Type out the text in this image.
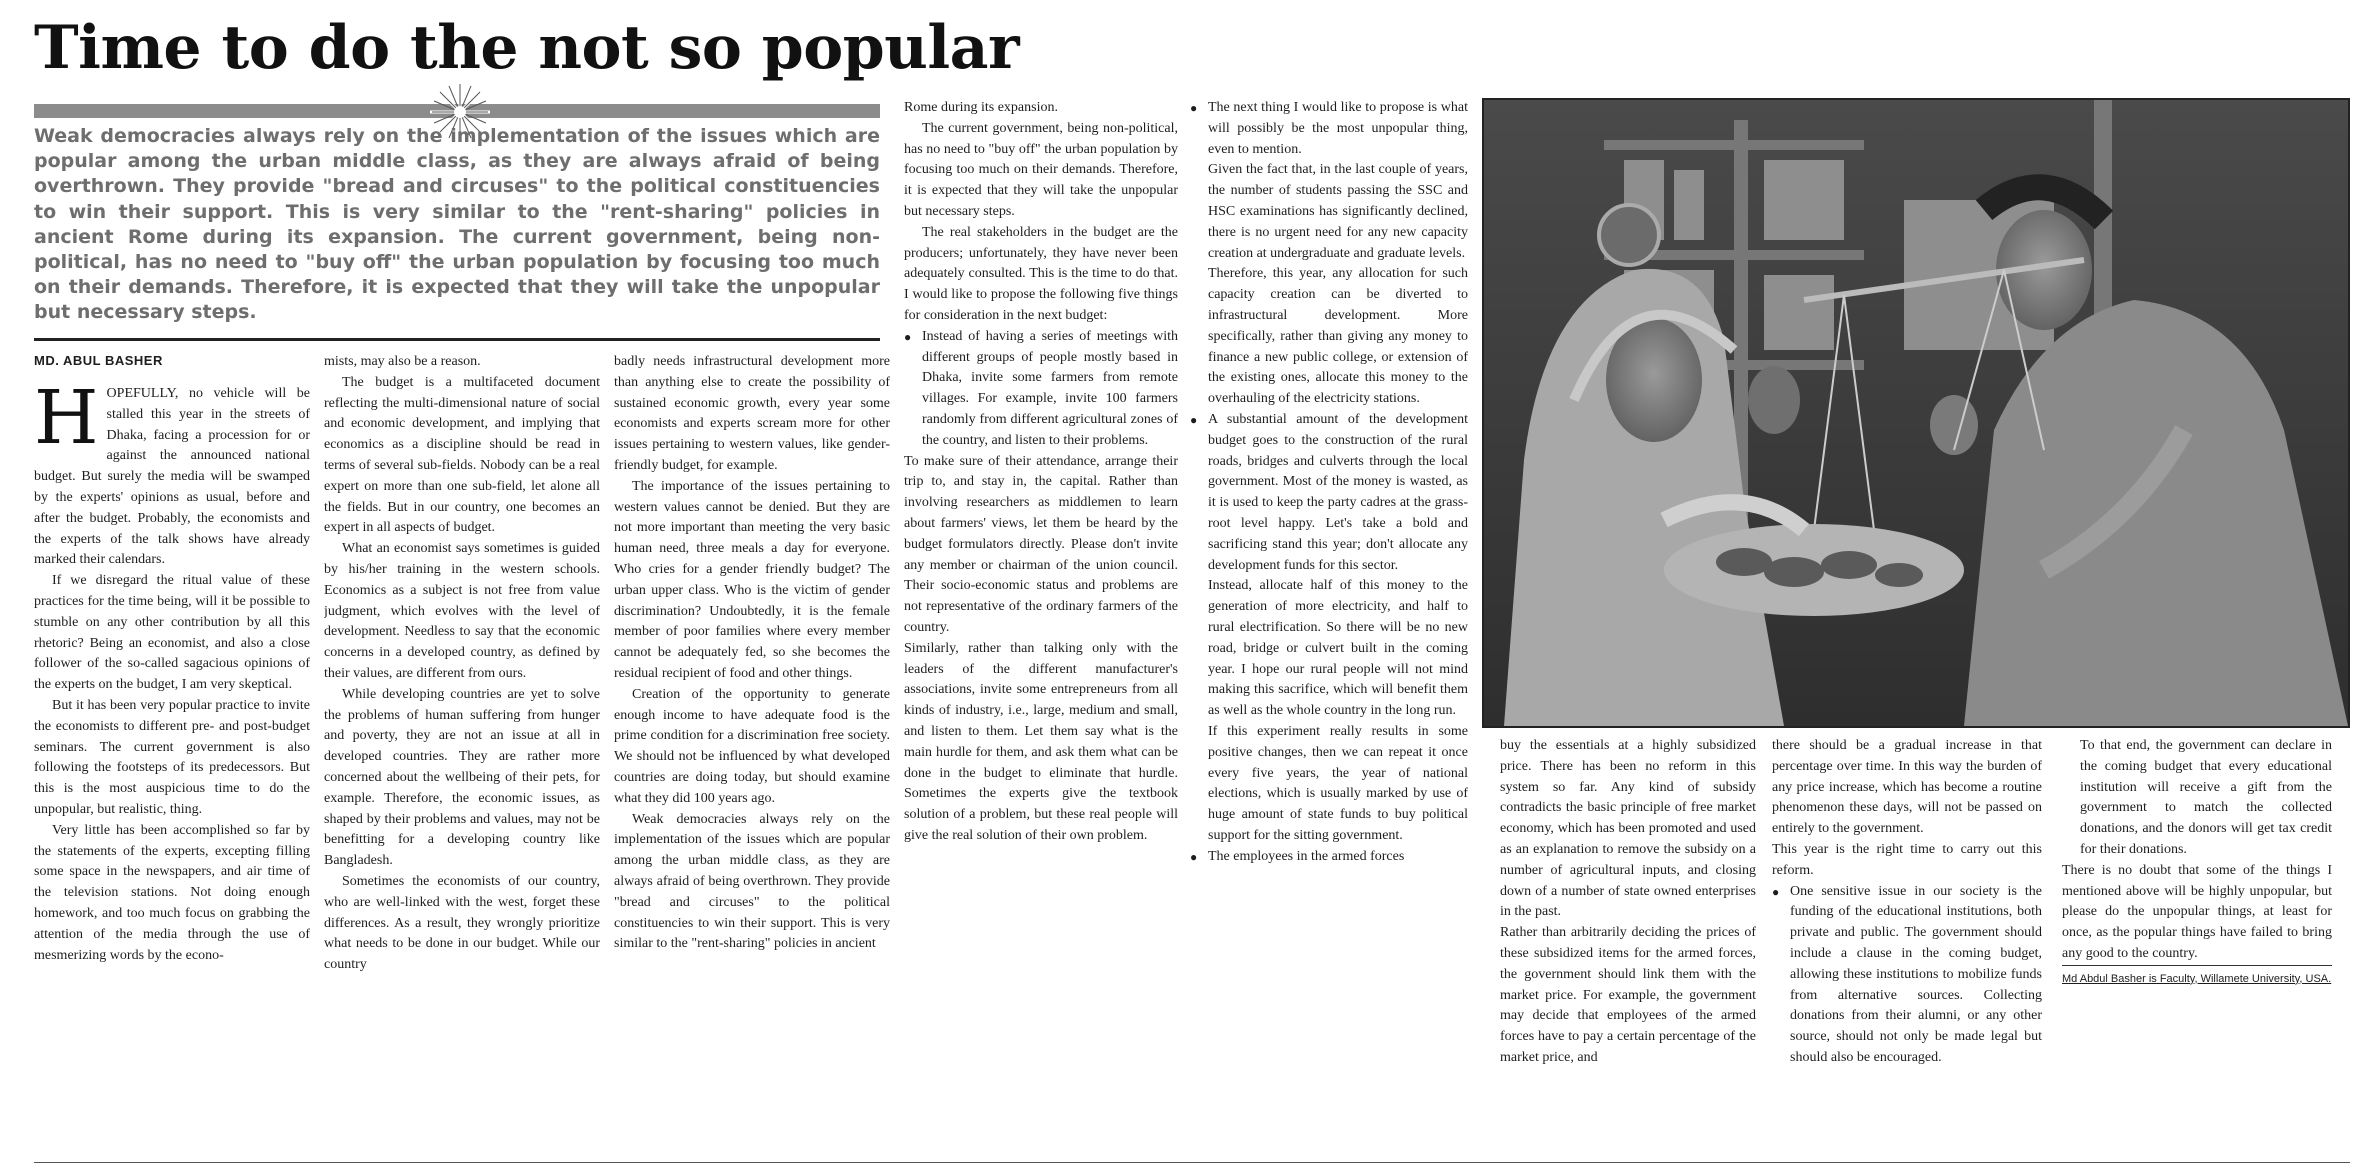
Time to do the not so popular
Weak democracies always rely on the implementation of the issues which are popular among the urban middle class, as they are always afraid of being overthrown. They provide "bread and circuses" to the political constituencies to win their support. This is very similar to the "rent-sharing" policies in ancient Rome during its expansion. The current government, being non-political, has no need to "buy off" the urban population by focusing too much on their demands. Therefore, it is expected that they will take the unpopular but necessary steps.
MD. ABUL BASHER

HOPEFULLY, no vehicle will be stalled this year in the streets of Dhaka, facing a procession for or against the announced national budget. But surely the media will be swamped by the experts' opinions as usual, before and after the budget. Probably, the economists and the experts of the talk shows have already marked their calendars.

If we disregard the ritual value of these practices for the time being, will it be possible to stumble on any other contribution by all this rhetoric? Being an economist, and also a close follower of the so-called sagacious opinions of the experts on the budget, I am very skeptical.

But it has been very popular practice to invite the economists to different pre- and post-budget seminars. The current government is also following the footsteps of its predecessors. But this is the most auspicious time to do the unpopular, but realistic, thing.

Very little has been accomplished so far by the statements of the experts, excepting filling some space in the newspapers, and air time of the television stations. Not doing enough homework, and too much focus on grabbing the attention of the media through the use of mesmerizing words by the econo-

mists, may also be a reason.

The budget is a multifaceted document reflecting the multi-dimensional nature of social and economic development, and implying that economics as a discipline should be read in terms of several sub-fields. Nobody can be a real expert on more than one sub-field, let alone all the fields. But in our country, one becomes an expert in all aspects of budget.

What an economist says sometimes is guided by his/her training in the western schools. Economics as a subject is not free from value judgment, which evolves with the level of development. Needless to say that the economic concerns in a developed country, as defined by their values, are different from ours.

While developing countries are yet to solve the problems of human suffering from hunger and poverty, they are not an issue at all in developed countries. They are rather more concerned about the wellbeing of their pets, for example. Therefore, the economic issues, as shaped by their problems and values, may not be benefitting for a developing country like Bangladesh.

Sometimes the economists of our country, who are well-linked with the west, forget these differences. As a result, they wrongly prioritize what needs to be done in our budget. While our country

badly needs infrastructural development more than anything else to create the possibility of sustained economic growth, every year some economists and experts scream more for other issues pertaining to western values, like gender-friendly budget, for example.

The importance of the issues pertaining to western values cannot be denied. But they are not more important than meeting the very basic human need, three meals a day for everyone. Who cries for a gender friendly budget? The urban upper class. Who is the victim of gender discrimination? Undoubtedly, it is the female member of poor families where every member cannot be adequately fed, so she becomes the residual recipient of food and other things.

Creation of the opportunity to generate enough income to have adequate food is the prime condition for a discrimination free society. We should not be influenced by what developed countries are doing today, but should examine what they did 100 years ago.

Weak democracies always rely on the implementation of the issues which are popular among the urban middle class, as they are always afraid of being overthrown. They provide "bread and circuses" to the political constituencies to win their support. This is very similar to the "rent-sharing" policies in ancient

Rome during its expansion.

The current government, being non-political, has no need to "buy off" the urban population by focusing too much on their demands. Therefore, it is expected that they will take the unpopular but necessary steps.

The real stakeholders in the budget are the producers; unfortunately, they have never been adequately consulted. This is the time to do that. I would like to propose the following five things for consideration in the next budget:

● Instead of having a series of meetings with different groups of people mostly based in Dhaka, invite some farmers from remote villages. For example, invite 100 farmers randomly from different agricultural zones of the country, and listen to their problems.

To make sure of their attendance, arrange their trip to, and stay in, the capital. Rather than involving researchers as middlemen to learn about farmers' views, let them be heard by the budget formulators directly. Please don't invite any member or chairman of the union council. Their socio-economic status and problems are not representative of the ordinary farmers of the country.

Similarly, rather than talking only with the leaders of the different manufacturer's associations, invite some entrepreneurs from all kinds of industry, i.e., large, medium and small, and listen to them. Let them say what is the main hurdle for them, and ask them what can be done in the budget to eliminate that hurdle. Sometimes the experts give the textbook solution of a problem, but these real people will give the real solution of their own problem.

● The next thing I would like to propose is what will possibly be the most unpopular thing, even to mention.

Given the fact that, in the last couple of years, the number of students passing the SSC and HSC examinations has significantly declined, there is no urgent need for any new capacity creation at undergraduate and graduate levels.

Therefore, this year, any allocation for such capacity creation can be diverted to infrastructural development. More specifically, rather than giving any money to finance a new public college, or extension of the existing ones, allocate this money to the overhauling of the electricity stations.

● A substantial amount of the development budget goes to the construction of the rural roads, bridges and culverts through the local government. Most of the money is wasted, as it is used to keep the party cadres at the grass-root level happy. Let's take a bold and sacrificing stand this year; don't allocate any development funds for this sector.

Instead, allocate half of this money to the generation of more electricity, and half to rural electrification. So there will be no new road, bridge or culvert built in the coming year. I hope our rural people will not mind making this sacrifice, which will benefit them as well as the whole country in the long run.

If this experiment really results in some positive changes, then we can repeat it once every five years, the year of national elections, which is usually marked by use of huge amount of state funds to buy political support for the sitting government.

● The employees in the armed forces

buy the essentials at a highly subsidized price. There has been no reform in this system so far. Any kind of subsidy contradicts the basic principle of free market economy, which has been promoted and used as an explanation to remove the subsidy on a number of agricultural inputs, and closing down of a number of state owned enterprises in the past.

Rather than arbitrarily deciding the prices of these subsidized items for the armed forces, the government should link them with the market price. For example, the government may decide that employees of the armed forces have to pay a certain percentage of the market price, and

there should be a gradual increase in that percentage over time. In this way the burden of any price increase, which has become a routine phenomenon these days, will not be passed on entirely to the government.

This year is the right time to carry out this reform.

● One sensitive issue in our society is the funding of the educational institutions, both private and public. The government should include a clause in the coming budget, allowing these institutions to mobilize funds from alternative sources. Collecting donations from their alumni, or any other source, should not only be made legal but should also be encouraged.

To that end, the government can declare in the coming budget that every educational institution will receive a gift from the government to match the collected donations, and the donors will get tax credit for their donations.

There is no doubt that some of the things I mentioned above will be highly unpopular, but please do the unpopular things, at least for once, as the popular things have failed to bring any good to the country.

Md Abdul Basher is Faculty, Willamete University, USA.
